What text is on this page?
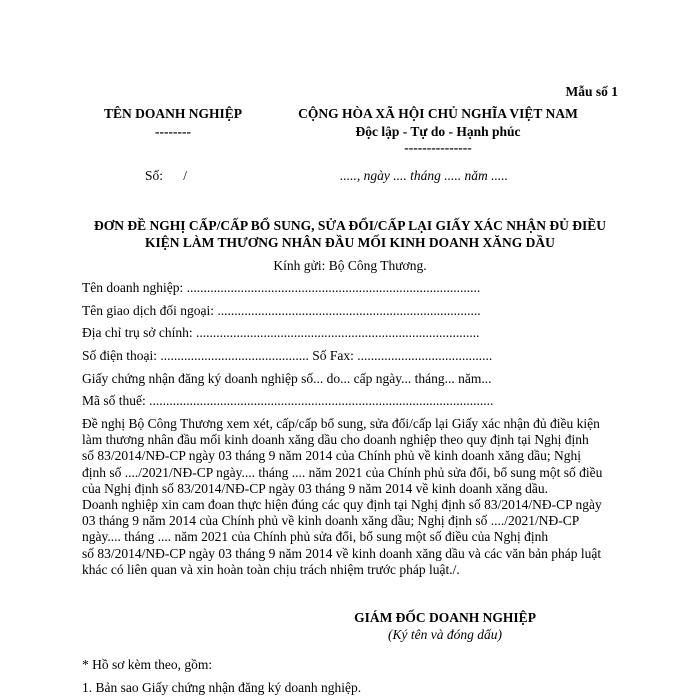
Mẫu số 1
TÊN DOANH NGHIỆP
--------
CỘNG HÒA XÃ HỘI CHỦ NGHĨA VIỆT NAM
Độc lập - Tự do - Hạnh phúc
---------------
Số:      /	....., ngày .... tháng ..... năm .....
ĐƠN ĐỀ NGHỊ CẤP/CẤP BỔ SUNG, SỬA ĐỔI/CẤP LẠI GIẤY XÁC NHẬN ĐỦ ĐIỀU
KIỆN LÀM THƯƠNG NHÂN ĐẦU MỐI KINH DOANH XĂNG DẦU
Kính gửi: Bộ Công Thương.
Tên doanh nghiệp: .......................................................................................
Tên giao dịch đối ngoại: ..............................................................................
Địa chỉ trụ sở chính: ....................................................................................
Số điện thoại: ............................................ Số Fax: ........................................
Giấy chứng nhận đăng ký doanh nghiệp số... do... cấp ngày... tháng... năm...
Mã số thuế: ......................................................................................................
Đề nghị Bộ Công Thương xem xét, cấp/cấp bổ sung, sửa đổi/cấp lại Giấy xác nhận đủ điều kiện
làm thương nhân đầu mối kinh doanh xăng dầu cho doanh nghiệp theo quy định tại Nghị định
số 83/2014/NĐ-CP ngày 03 tháng 9 năm 2014 của Chính phủ về kinh doanh xăng dầu; Nghị
định số ..../2021/NĐ-CP ngày.... tháng .... năm 2021 của Chính phủ sửa đổi, bổ sung một số điều
của Nghị định số 83/2014/NĐ-CP ngày 03 tháng 9 năm 2014 về kinh doanh xăng dầu.
Doanh nghiệp xin cam đoan thực hiện đúng các quy định tại Nghị định số 83/2014/NĐ-CP ngày
03 tháng 9 năm 2014 của Chính phủ về kinh doanh xăng dầu; Nghị định số ..../2021/NĐ-CP
ngày.... tháng .... năm 2021 của Chính phủ sửa đổi, bổ sung một số điều của Nghị định
số 83/2014/NĐ-CP ngày 03 tháng 9 năm 2014 về kinh doanh xăng dầu và các văn bản pháp luật
khác có liên quan và xin hoàn toàn chịu trách nhiệm trước pháp luật./.
GIÁM ĐỐC DOANH NGHIỆP
(Ký tên và đóng dấu)
* Hồ sơ kèm theo, gồm:
1. Bản sao Giấy chứng nhận đăng ký doanh nghiệp.
